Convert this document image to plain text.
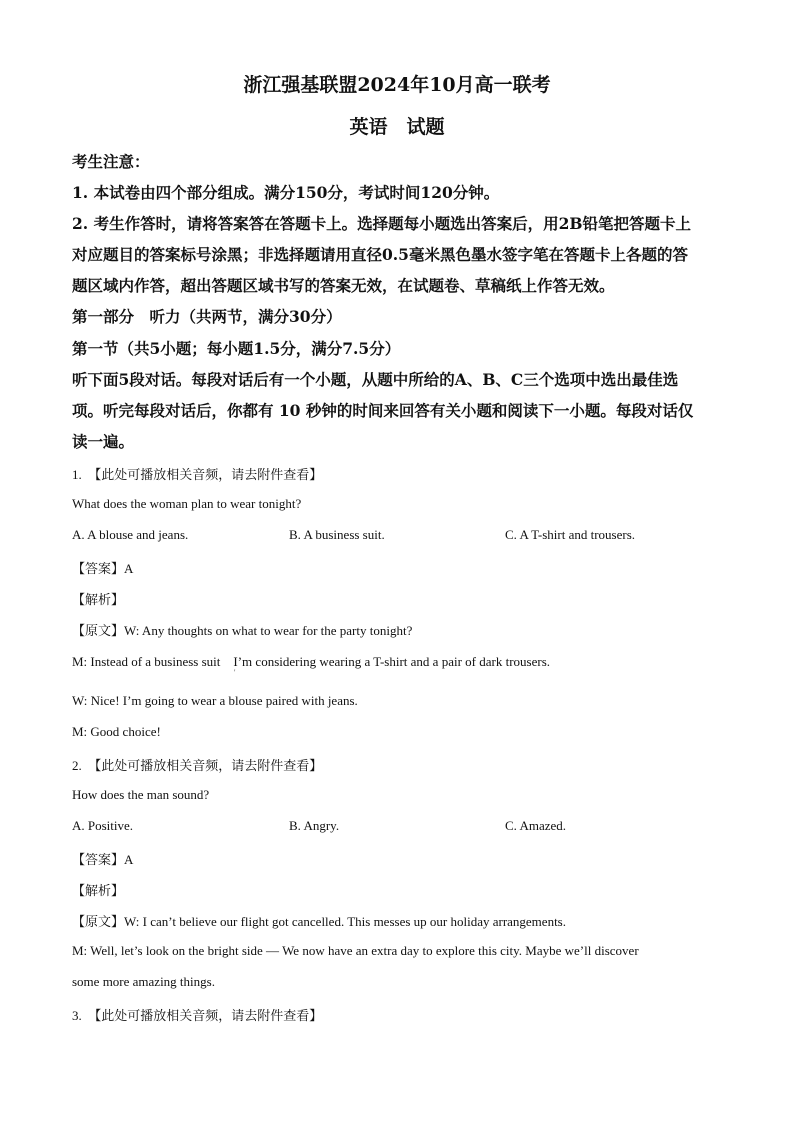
浙江强基联盟2024年10月高一联考
英语　试题
考生注意：
1. 本试卷由四个部分组成。满分150分，考试时间120分钟。
2. 考生作答时，请将答案答在答题卡上。选择题每小题选出答案后，用2B铅笔把答题卡上
对应题目的答案标号涂黑；非选择题请用直径0.5毫米黑色墨水签字笔在答题卡上各题的答
题区域内作答，超出答题区域书写的答案无效，在试题卷、草稿纸上作答无效。
第一部分　听力（共两节，满分30分）
第一节（共5小题；每小题1.5分，满分7.5分）
听下面5段对话。每段对话后有一个小题，从题中所给的A、B、C三个选项中选出最佳选
项。听完每段对话后，你都有 10 秒钟的时间来回答有关小题和阅读下一小题。每段对话仅
读一遍。
1.　【此处可播放相关音频，请去附件查看】
What does the woman plan to wear tonight?
A. A blouse and jeans.	B. A business suit.	C. A T-shirt and trousers.
【答案】A
【解析】
【原文】W: Any thoughts on what to wear for the party tonight?
M: Instead of a business suit　I’m considering wearing a T-shirt and a pair of dark trousers.
'
W: Nice! I’m going to wear a blouse paired with jeans.
M: Good choice!
2.　【此处可播放相关音频，请去附件查看】
How does the man sound?
A. Positive.	B. Angry.	C. Amazed.
【答案】A
【解析】
【原文】W: I can’t believe our flight got cancelled. This messes up our holiday arrangements.
M: Well, let’s look on the bright side — We now have an extra day to explore this city. Maybe we’ll discover
some more amazing things.
3.　【此处可播放相关音频，请去附件查看】
